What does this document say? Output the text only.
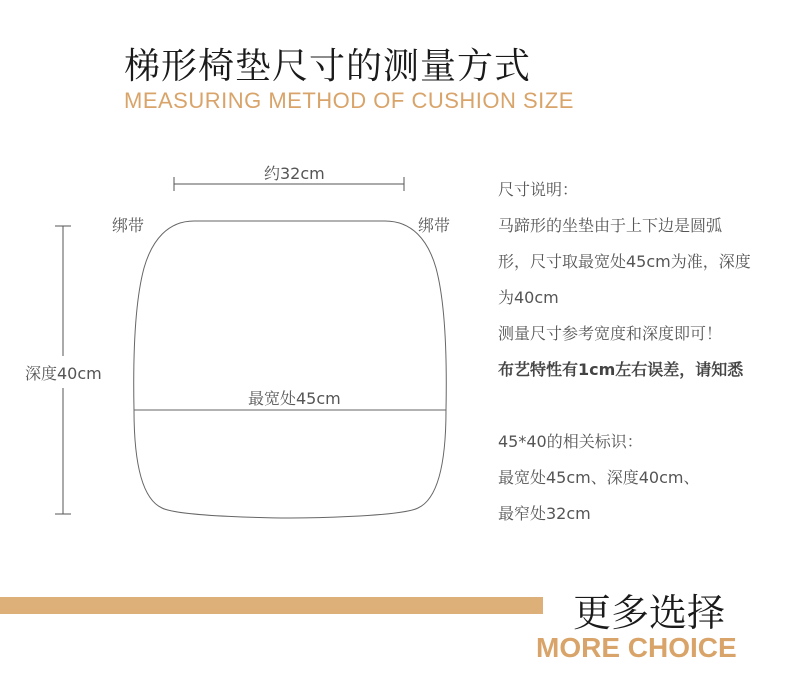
梯形椅垫尺寸的测量方式
MEASURING METHOD OF CUSHION SIZE
约32cm
绑带	绑带
深度40cm
最宽处45cm
尺寸说明：
马蹄形的坐垫由于上下边是圆弧
形，尺寸取最宽处45cm为准，深度
为40cm
测量尺寸参考宽度和深度即可！
布艺特性有1cm左右误差，请知悉
45*40的相关标识：
最宽处45cm、深度40cm、
最窄处32cm
更多选择
MORE CHOICE
